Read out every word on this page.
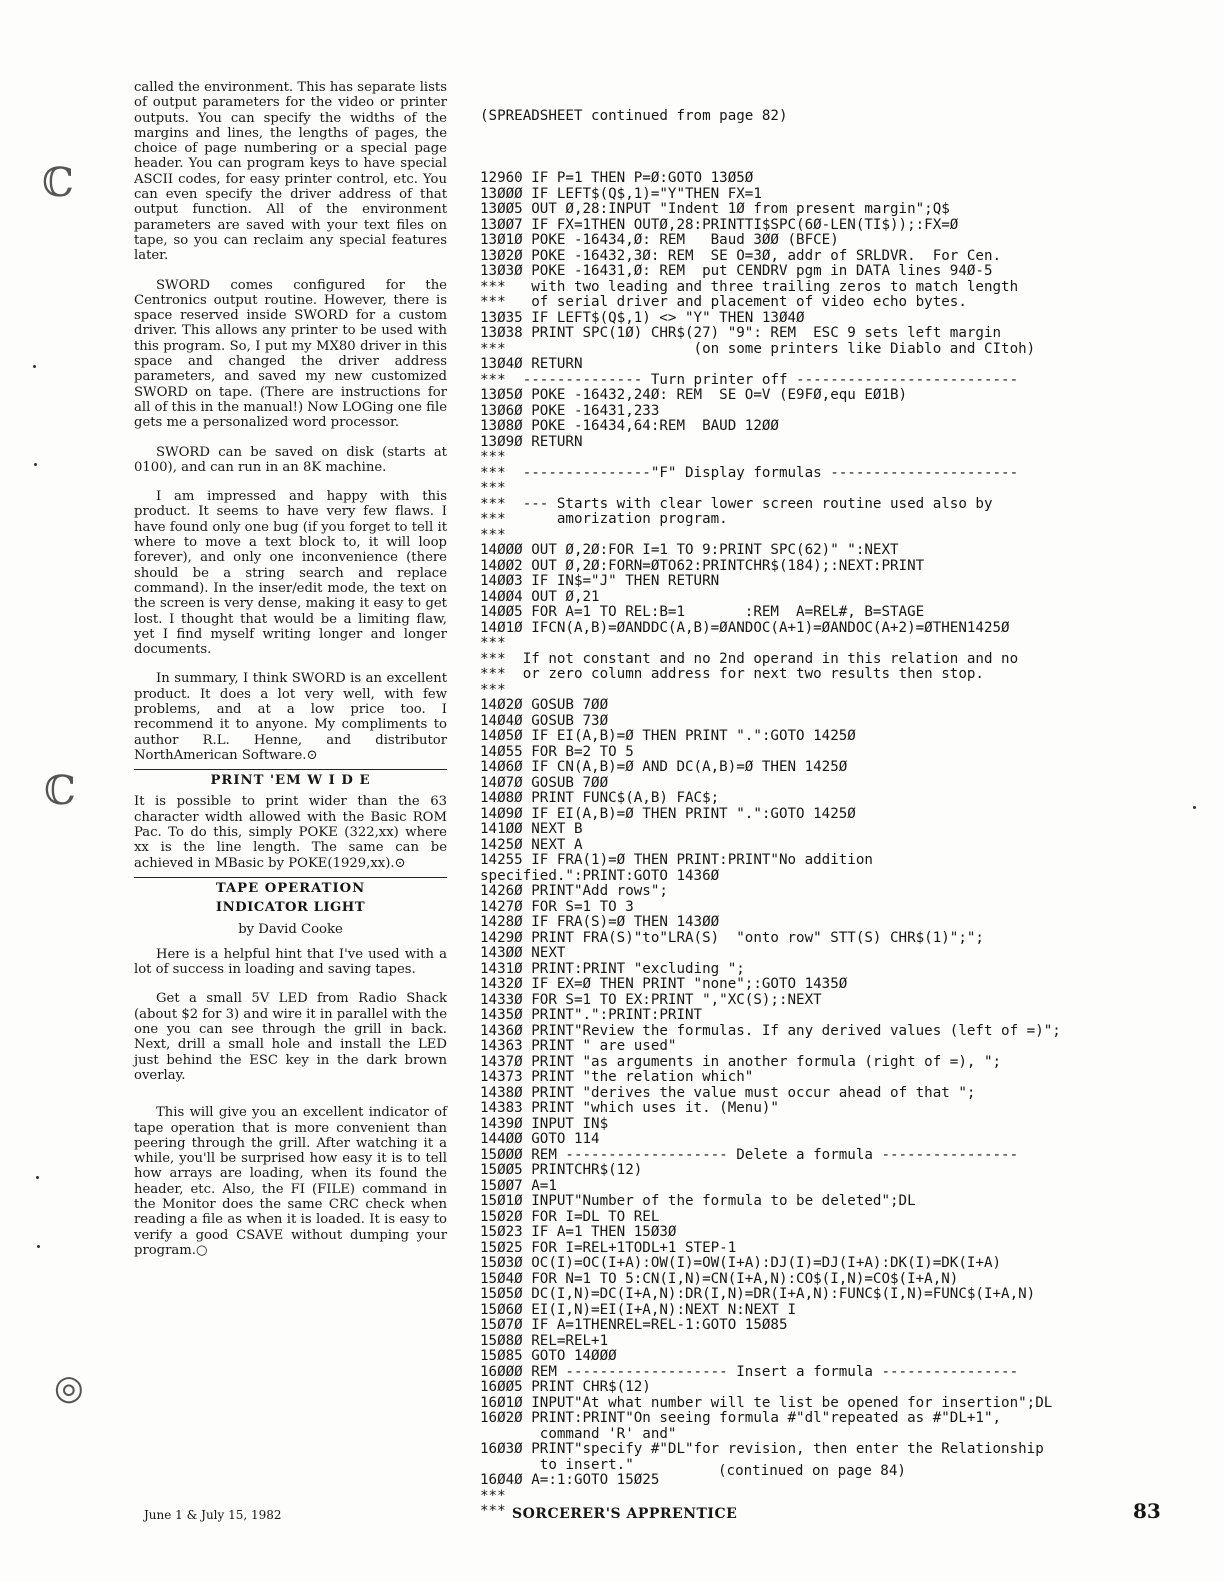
ℂ
ℂ
◎

called the environment. This has separate lists of output parameters for the video or printer outputs. You can specify the widths of the margins and lines, the lengths of pages, the choice of page numbering or a special page header. You can program keys to have special ASCII codes, for easy printer control, etc. You can even specify the driver address of that output function. All of the environment parameters are saved with your text files on tape, so you can reclaim any special features later.

SWORD comes configured for the Centronics output routine. However, there is space reserved inside SWORD for a custom driver. This allows any printer to be used with this program. So, I put my MX80 driver in this space and changed the driver address parameters, and saved my new customized SWORD on tape. (There are instructions for all of this in the manual!) Now LOGing one file gets me a personalized word processor.

SWORD can be saved on disk (starts at 0100), and can run in an 8K machine.

I am impressed and happy with this product. It seems to have very few flaws. I have found only one bug (if you forget to tell it where to move a text block to, it will loop forever), and only one inconvenience (there should be a string search and replace command). In the inser/edit mode, the text on the screen is very dense, making it easy to get lost. I thought that would be a limiting flaw, yet I find myself writing longer and longer documents.

In summary, I think SWORD is an excellent product. It does a lot very well, with few problems, and at a low price too. I recommend it to anyone. My compliments to author R.L. Henne, and distributor NorthAmerican Software.⊙

PRINT 'EM W I D E

It is possible to print wider than the 63 character width allowed with the Basic ROM Pac. To do this, simply POKE (322,xx) where xx is the line length. The same can be achieved in MBasic by POKE(1929,xx).⊙

TAPE OPERATION
INDICATOR LIGHT
by David Cooke

Here is a helpful hint that I've used with a lot of success in loading and saving tapes.

Get a small 5V LED from Radio Shack (about $2 for 3) and wire it in parallel with the one you can see through the grill in back. Next, drill a small hole and install the LED just behind the ESC key in the dark brown overlay.

This will give you an excellent indicator of tape operation that is more convenient than peering through the grill. After watching it a while, you'll be surprised how easy it is to tell how arrays are loading, when its found the header, etc. Also, the FI (FILE) command in the Monitor does the same CRC check when reading a file as when it is loaded. It is easy to verify a good CSAVE without dumping your program.○

(SPREADSHEET continued from page 82)

12960 IF P=1 THEN P=Ø:GOTO 13Ø5Ø
13ØØØ IF LEFT$(Q$,1)="Y"THEN FX=1
13ØØ5 OUT Ø,28:INPUT "Indent 1Ø from present margin";Q$
13ØØ7 IF FX=1THEN OUTØ,28:PRINTTI$SPC(6Ø-LEN(TI$));:FX=Ø
13Ø1Ø POKE -16434,Ø: REM   Baud 3ØØ (BFCE)
13Ø2Ø POKE -16432,3Ø: REM  SE O=3Ø, addr of SRLDVR.  For Cen.
13Ø3Ø POKE -16431,Ø: REM  put CENDRV pgm in DATA lines 94Ø-5
***   with two leading and three trailing zeros to match length
***   of serial driver and placement of video echo bytes.
13Ø35 IF LEFT$(Q$,1) <> "Y" THEN 13Ø4Ø
13Ø38 PRINT SPC(1Ø) CHR$(27) "9": REM  ESC 9 sets left margin
***                      (on some printers like Diablo and CItoh)
13Ø4Ø RETURN
***  -------------- Turn printer off --------------------------
13Ø5Ø POKE -16432,24Ø: REM  SE O=V (E9FØ,equ EØ1B)
13Ø6Ø POKE -16431,233
13Ø8Ø POKE -16434,64:REM  BAUD 12ØØ
13Ø9Ø RETURN
***
***  ---------------"F" Display formulas ----------------------
***
***  --- Starts with clear lower screen routine used also by
***      amorization program.
***
14ØØØ OUT Ø,2Ø:FOR I=1 TO 9:PRINT SPC(62)" ":NEXT
14ØØ2 OUT Ø,2Ø:FORN=ØTO62:PRINTCHR$(184);:NEXT:PRINT
14ØØ3 IF IN$="J" THEN RETURN
14ØØ4 OUT Ø,21
14ØØ5 FOR A=1 TO REL:B=1       :REM  A=REL#, B=STAGE
14Ø1Ø IFCN(A,B)=ØANDDC(A,B)=ØANDOC(A+1)=ØANDOC(A+2)=ØTHEN1425Ø
***
***  If not constant and no 2nd operand in this relation and no
***  or zero column address for next two results then stop.
***
14Ø2Ø GOSUB 7ØØ
14Ø4Ø GOSUB 73Ø
14Ø5Ø IF EI(A,B)=Ø THEN PRINT ".":GOTO 1425Ø
14Ø55 FOR B=2 TO 5
14Ø6Ø IF CN(A,B)=Ø AND DC(A,B)=Ø THEN 1425Ø
14Ø7Ø GOSUB 7ØØ
14Ø8Ø PRINT FUNC$(A,B) FAC$;
14Ø9Ø IF EI(A,B)=Ø THEN PRINT ".":GOTO 1425Ø
141ØØ NEXT B
1425Ø NEXT A
14255 IF FRA(1)=Ø THEN PRINT:PRINT"No addition
specified.":PRINT:GOTO 1436Ø
1426Ø PRINT"Add rows";
1427Ø FOR S=1 TO 3
1428Ø IF FRA(S)=Ø THEN 143ØØ
1429Ø PRINT FRA(S)"to"LRA(S)  "onto row" STT(S) CHR$(1)";";
143ØØ NEXT
1431Ø PRINT:PRINT "excluding ";
1432Ø IF EX=Ø THEN PRINT "none";:GOTO 1435Ø
1433Ø FOR S=1 TO EX:PRINT ","XC(S);:NEXT
1435Ø PRINT".":PRINT:PRINT
1436Ø PRINT"Review the formulas. If any derived values (left of =)";
14363 PRINT " are used"
1437Ø PRINT "as arguments in another formula (right of =), ";
14373 PRINT "the relation which"
1438Ø PRINT "derives the value must occur ahead of that ";
14383 PRINT "which uses it. (Menu)"
1439Ø INPUT IN$
144ØØ GOTO 114
15ØØØ REM ------------------- Delete a formula ----------------
15ØØ5 PRINTCHR$(12)
15ØØ7 A=1
15Ø1Ø INPUT"Number of the formula to be deleted";DL
15Ø2Ø FOR I=DL TO REL
15Ø23 IF A=1 THEN 15Ø3Ø
15Ø25 FOR I=REL+1TODL+1 STEP-1
15Ø3Ø OC(I)=OC(I+A):OW(I)=OW(I+A):DJ(I)=DJ(I+A):DK(I)=DK(I+A)
15Ø4Ø FOR N=1 TO 5:CN(I,N)=CN(I+A,N):CO$(I,N)=CO$(I+A,N)
15Ø5Ø DC(I,N)=DC(I+A,N):DR(I,N)=DR(I+A,N):FUNC$(I,N)=FUNC$(I+A,N)
15Ø6Ø EI(I,N)=EI(I+A,N):NEXT N:NEXT I
15Ø7Ø IF A=1THENREL=REL-1:GOTO 15Ø85
15Ø8Ø REL=REL+1
15Ø85 GOTO 14ØØØ
16ØØØ REM ------------------- Insert a formula ----------------
16ØØ5 PRINT CHR$(12)
16Ø1Ø INPUT"At what number will te list be opened for insertion";DL
16Ø2Ø PRINT:PRINT"On seeing formula #"dl"repeated as #"DL+1",
command 'R' and"
16Ø3Ø PRINT"specify #"DL"for revision, then enter the Relationship
to insert."
16Ø4Ø A=:1:GOTO 15Ø25
***
***

(continued on page 84)
June 1 & July 15, 1982	SORCERER'S APPRENTICE	83
